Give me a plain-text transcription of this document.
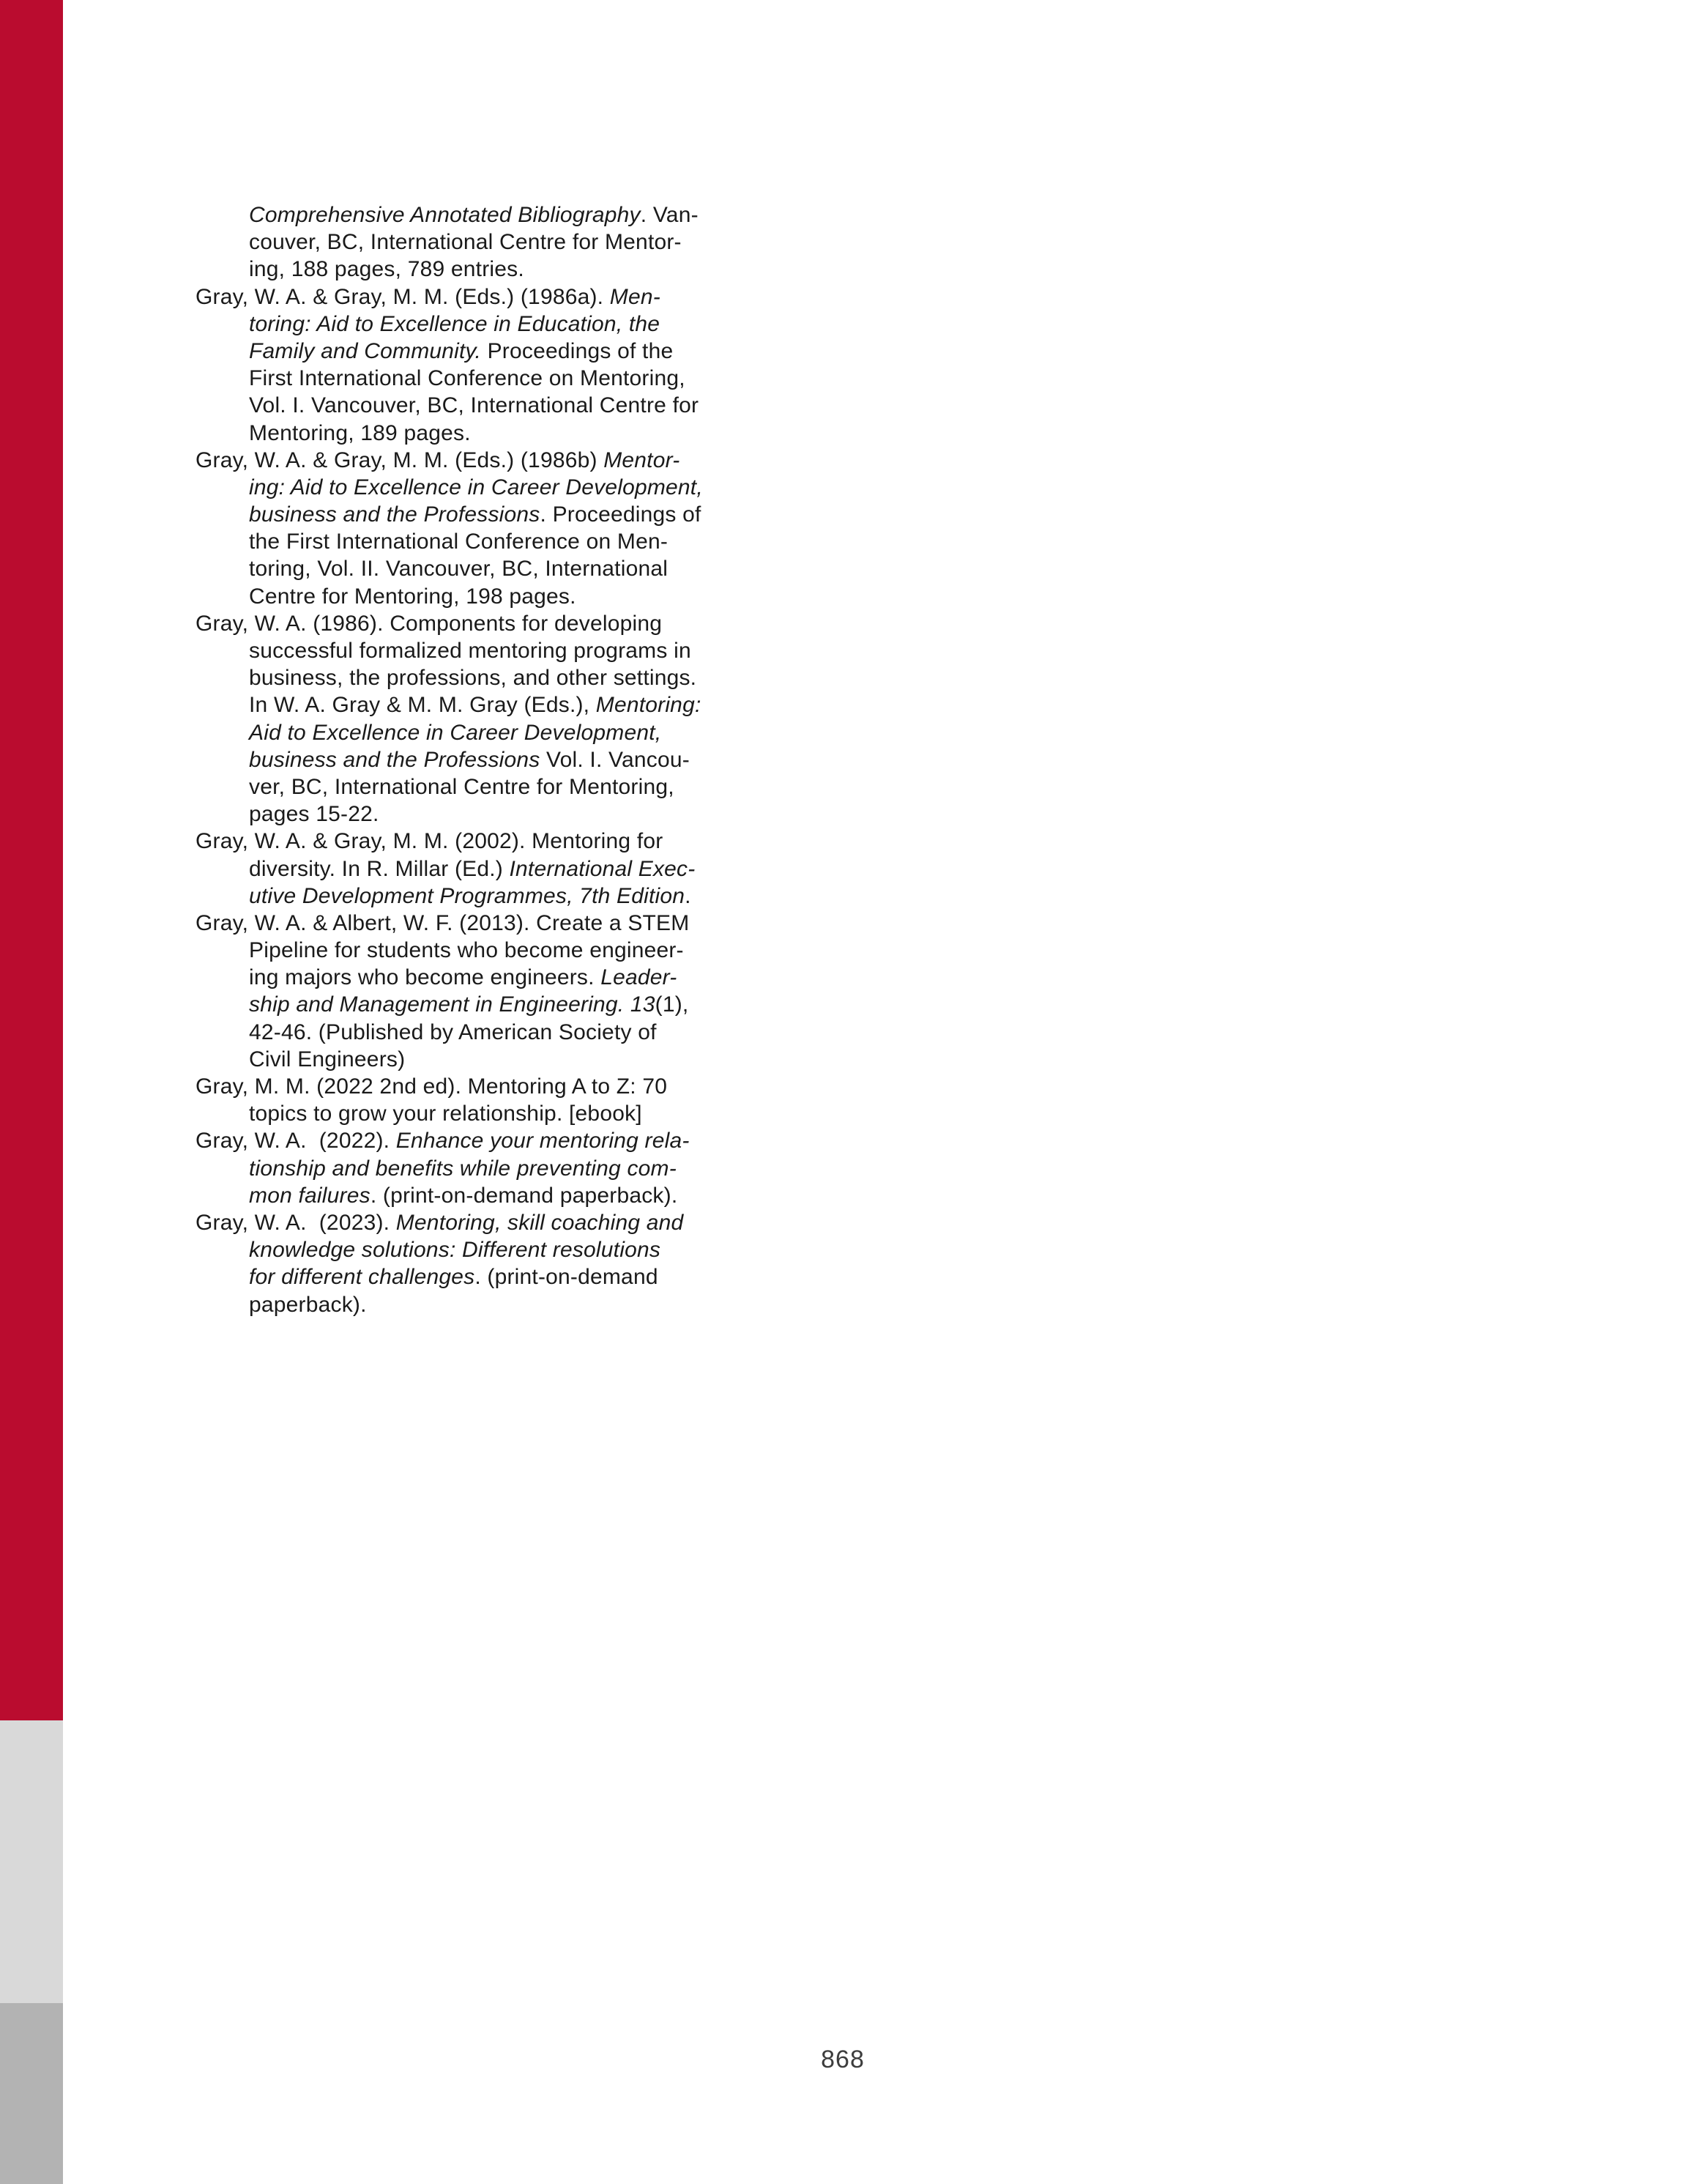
Comprehensive Annotated Bibliography. Van-
couver, BC, International Centre for Mentor-
ing, 188 pages, 789 entries.
Gray, W. A. & Gray, M. M. (Eds.) (1986a). Men-
toring: Aid to Excellence in Education, the
Family and Community. Proceedings of the
First International Conference on Mentoring,
Vol. I. Vancouver, BC, International Centre for
Mentoring, 189 pages.
Gray, W. A. & Gray, M. M. (Eds.) (1986b) Mentor-
ing: Aid to Excellence in Career Development,
business and the Professions. Proceedings of
the First International Conference on Men-
toring, Vol. II. Vancouver, BC, International
Centre for Mentoring, 198 pages.
Gray, W. A. (1986). Components for developing
successful formalized mentoring programs in
business, the professions, and other settings.
In W. A. Gray & M. M. Gray (Eds.), Mentoring:
Aid to Excellence in Career Development,
business and the Professions Vol. I. Vancou-
ver, BC, International Centre for Mentoring,
pages 15-22.
Gray, W. A. & Gray, M. M. (2002). Mentoring for
diversity. In R. Millar (Ed.) International Exec-
utive Development Programmes, 7th Edition.
Gray, W. A. & Albert, W. F. (2013). Create a STEM
Pipeline for students who become engineer-
ing majors who become engineers. Leader-
ship and Management in Engineering. 13(1),
42-46. (Published by American Society of
Civil Engineers)
Gray, M. M. (2022 2nd ed). Mentoring A to Z: 70
topics to grow your relationship. [ebook]
Gray, W. A.  (2022). Enhance your mentoring rela-
tionship and benefits while preventing com-
mon failures. (print-on-demand paperback).
Gray, W. A.  (2023). Mentoring, skill coaching and
knowledge solutions: Different resolutions
for different challenges. (print-on-demand
paperback).
868
